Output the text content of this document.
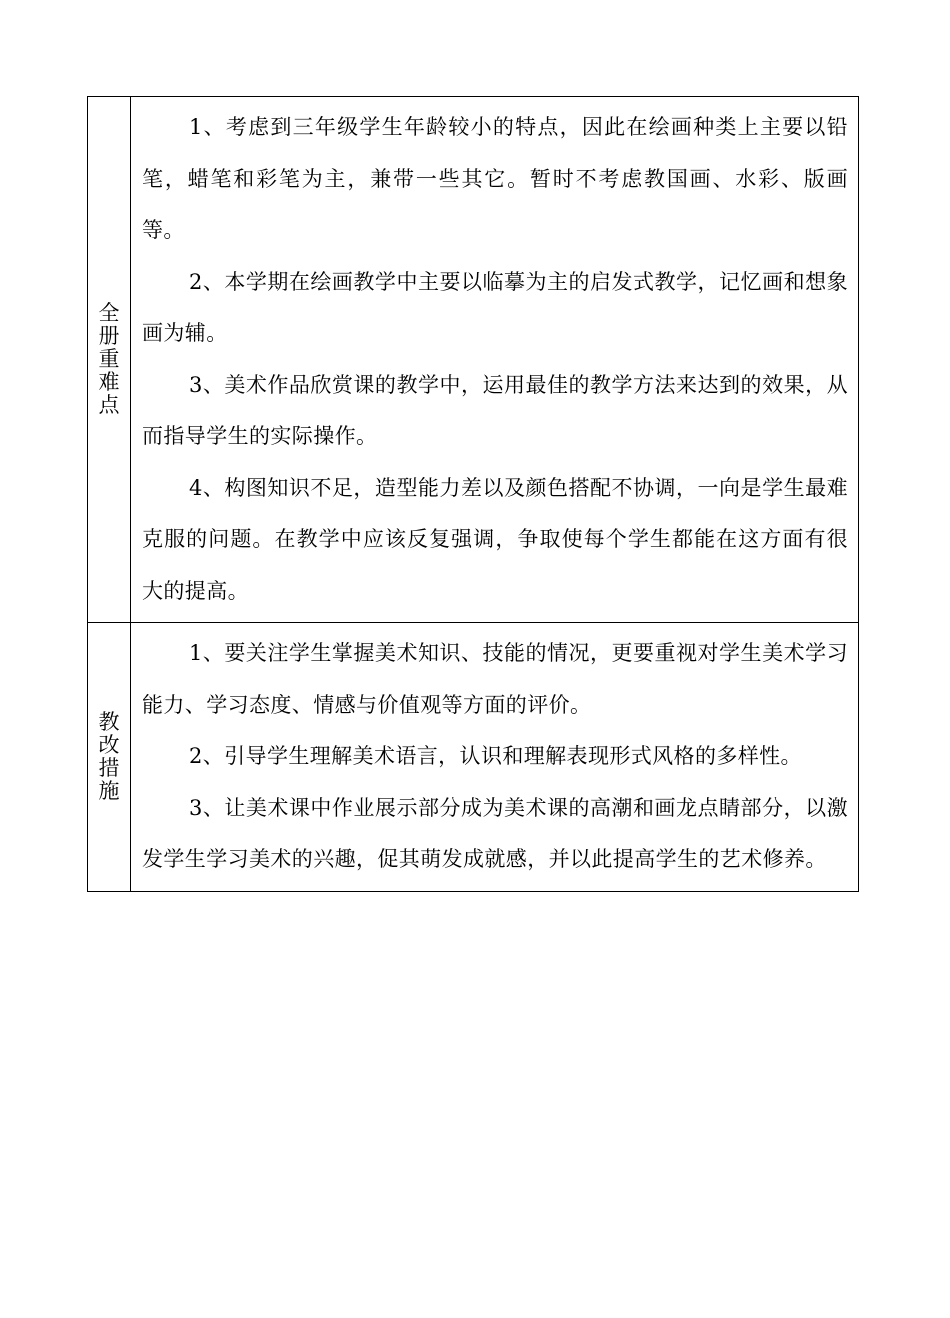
全册重难点	1、考虑到三年级学生年龄较小的特点，因此在绘画种类上主要以铅笔，蜡笔和彩笔为主，兼带一些其它。暂时不考虑教国画、水彩、版画等。

2、本学期在绘画教学中主要以临摹为主的启发式教学，记忆画和想象画为辅。

3、美术作品欣赏课的教学中，运用最佳的教学方法来达到的效果，从而指导学生的实际操作。

4、构图知识不足，造型能力差以及颜色搭配不协调，一向是学生最难克服的问题。在教学中应该反复强调，争取使每个学生都能在这方面有很大的提高。

教改措施	1、要关注学生掌握美术知识、技能的情况，更要重视对学生美术学习能力、学习态度、情感与价值观等方面的评价。

2、引导学生理解美术语言，认识和理解表现形式风格的多样性。

3、让美术课中作业展示部分成为美术课的高潮和画龙点睛部分，以激发学生学习美术的兴趣，促其萌发成就感，并以此提高学生的艺术修养。
